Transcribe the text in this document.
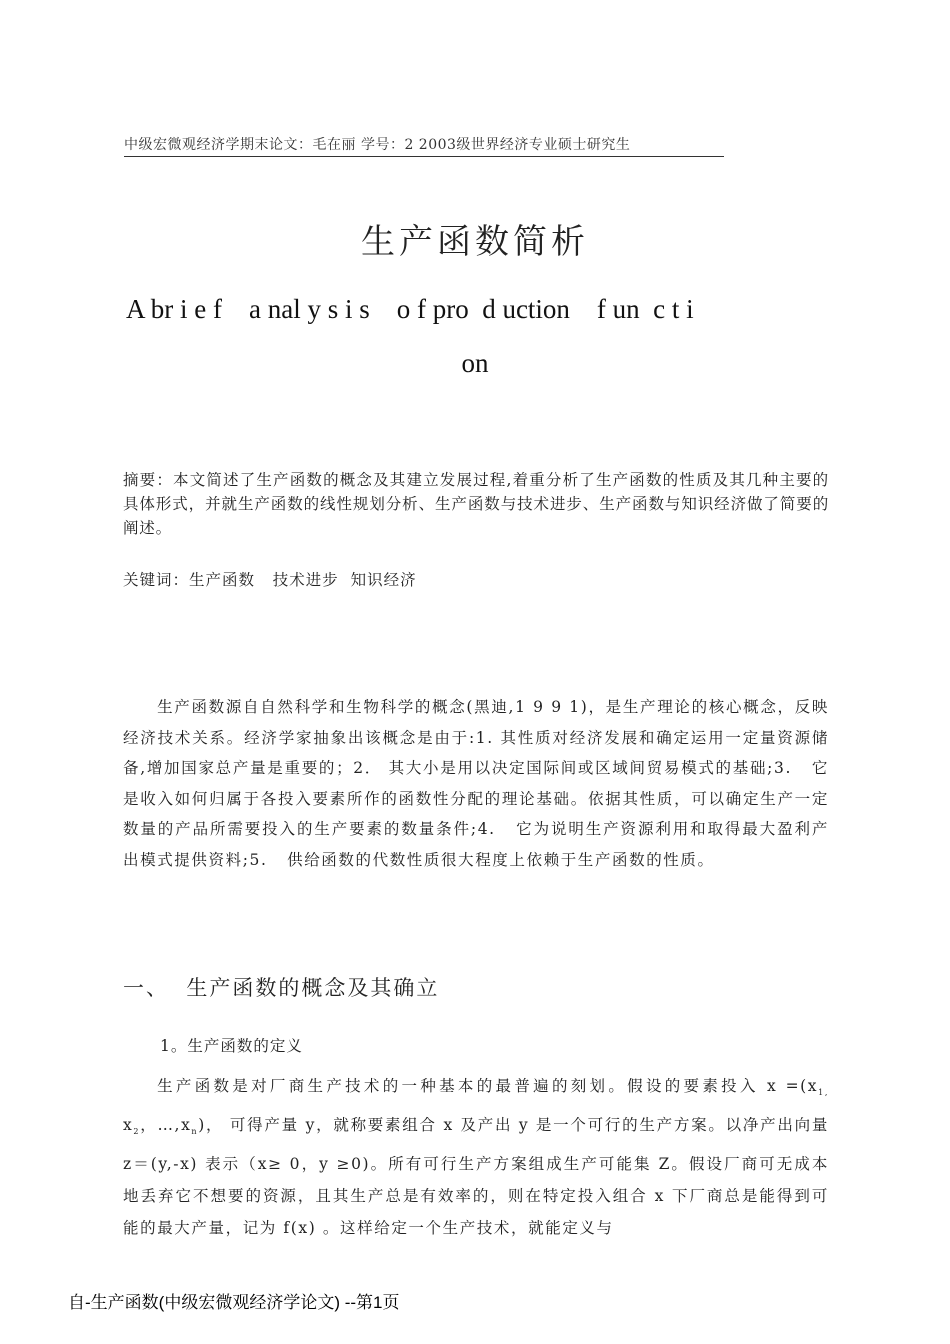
中级宏微观经济学期末论文：毛在丽 学号：2 2003级世界经济专业硕士研究生
生产函数简析
A br i e f    a nal y s i s    o f pro  d uction    f un  c t i
on
摘要：本文简述了生产函数的概念及其建立发展过程,着重分析了生产函数的性质及其几种主要的具体形式，并就生产函数的线性规划分析、生产函数与技术进步、生产函数与知识经济做了简要的阐述。
关键词：生产函数   技术进步  知识经济
生产函数源自自然科学和生物科学的概念(黑迪,1 9 9 1)，是生产理论的核心概念，反映经济技术关系。经济学家抽象出该概念是由于:1. 其性质对经济发展和确定运用一定量资源储备,增加国家总产量是重要的；2． 其大小是用以决定国际间或区域间贸易模式的基础;3.   它是收入如何归属于各投入要素所作的函数性分配的理论基础。依据其性质，可以确定生产一定数量的产品所需要投入的生产要素的数量条件;4.   它为说明生产资源利用和取得最大盈利产出模式提供资料;5.   供给函数的代数性质很大程度上依赖于生产函数的性质。
一、  生产函数的概念及其确立
1。生产函数的定义
生产函数是对厂商生产技术的一种基本的最普遍的刻划。假设的要素投入 $x =(x_{1,}$ $x_2$，$\dots,x_n$)， 可得产量 y，就称要素组合 x 及产出 y 是一个可行的生产方案。以净产出向量 z＝(y,-x) 表示（x≥ 0，y ≥0)。所有可行生产方案组成生产可能集 Z。假设厂商可无成本地丢弃它不想要的资源，且其生产总是有效率的，则在特定投入组合 x 下厂商总是能得到可能的最大产量，记为 f(x) 。这样给定一个生产技术，就能定义与
自-生产函数(中级宏微观经济学论文) --第1页
